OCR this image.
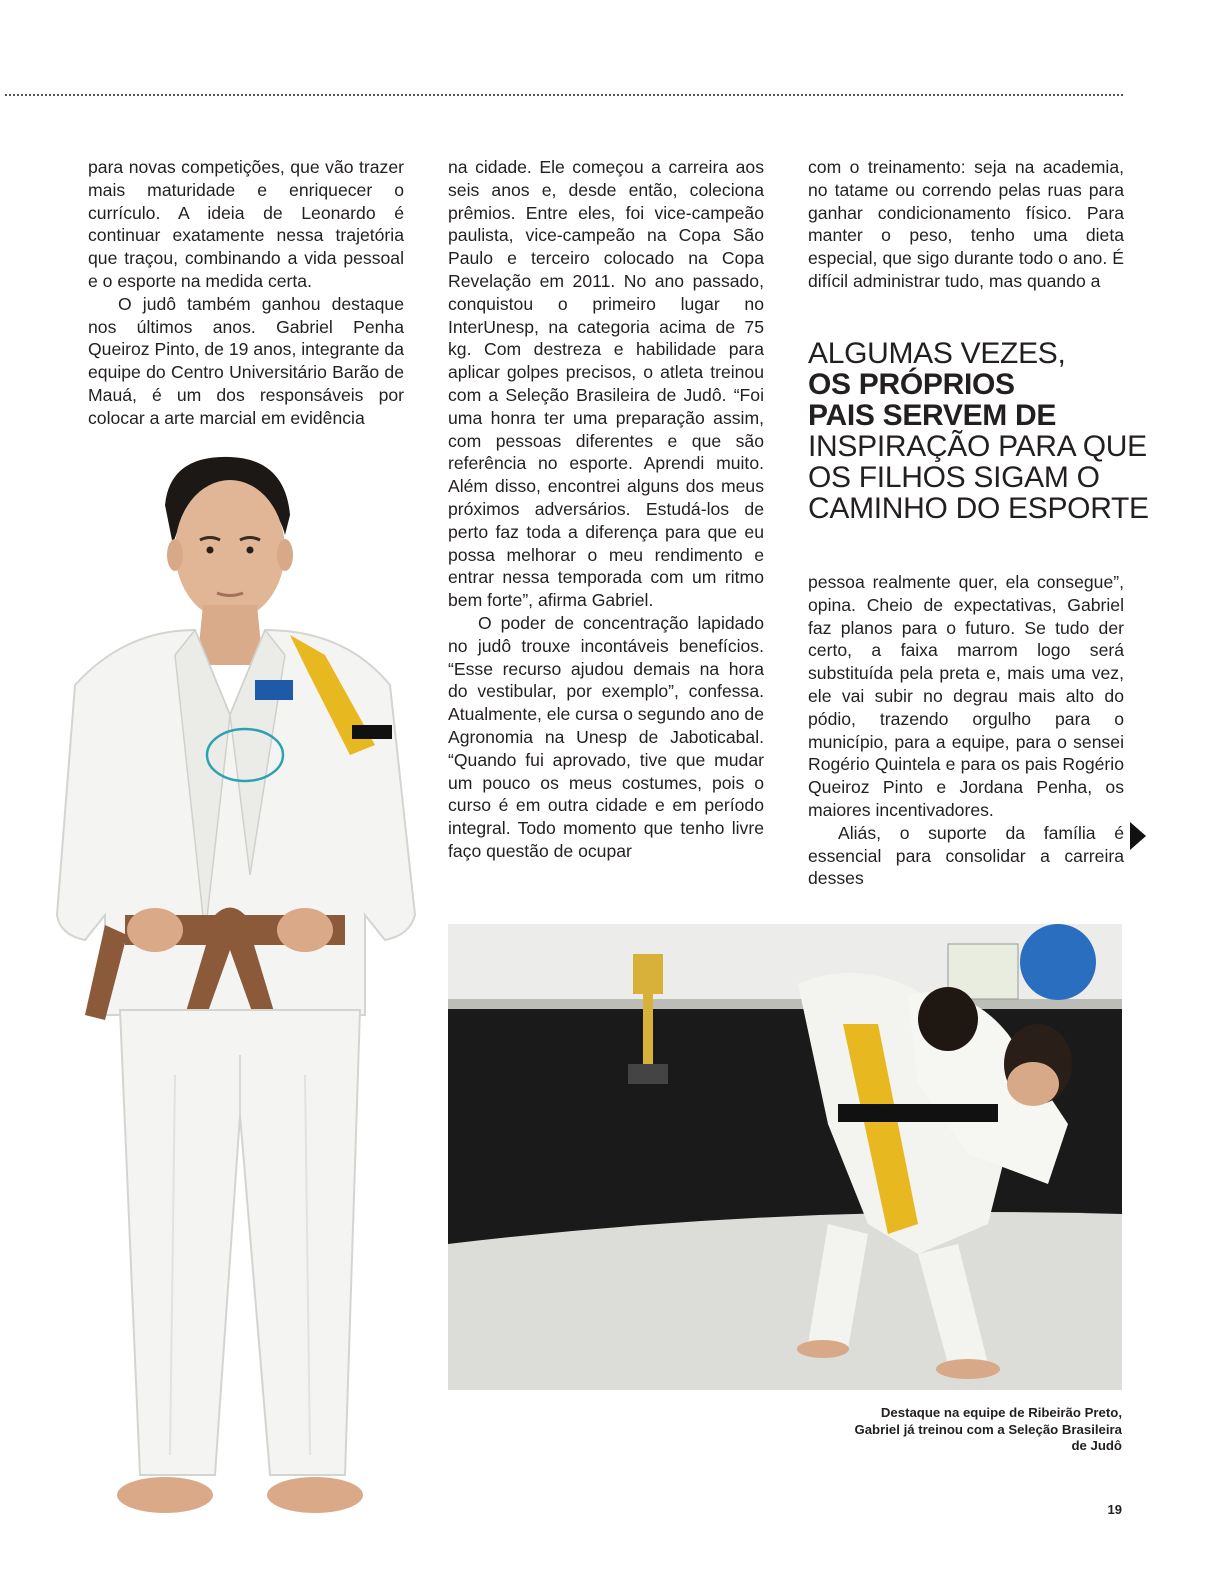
para novas competições, que vão trazer mais maturidade e enriquecer o currículo. A ideia de Leonardo é continuar exatamente nessa trajetória que traçou, combinando a vida pessoal e o esporte na medida certa.

O judô também ganhou destaque nos últimos anos. Gabriel Penha Queiroz Pinto, de 19 anos, integrante da equipe do Centro Universitário Barão de Mauá, é um dos responsáveis por colocar a arte marcial em evidência

na cidade. Ele começou a carreira aos seis anos e, desde então, coleciona prêmios. Entre eles, foi vice-campeão paulista, vice-campeão na Copa São Paulo e terceiro colocado na Copa Revelação em 2011. No ano passado, conquistou o primeiro lugar no InterUnesp, na categoria acima de 75 kg. Com destreza e habilidade para aplicar golpes precisos, o atleta treinou com a Seleção Brasileira de Judô. “Foi uma honra ter uma preparação assim, com pessoas diferentes e que são referência no esporte. Aprendi muito. Além disso, encontrei alguns dos meus próximos adversários. Estudá-los de perto faz toda a diferença para que eu possa melhorar o meu rendimento e entrar nessa temporada com um ritmo bem forte”, afirma Gabriel.

O poder de concentração lapidado no judô trouxe incontáveis benefícios. “Esse recurso ajudou demais na hora do vestibular, por exemplo”, confessa. Atualmente, ele cursa o segundo ano de Agronomia na Unesp de Jaboticabal. “Quando fui aprovado, tive que mudar um pouco os meus costumes, pois o curso é em outra cidade e em período integral. Todo momento que tenho livre faço questão de ocupar

com o treinamento: seja na academia, no tatame ou correndo pelas ruas para ganhar condicionamento físico. Para manter o peso, tenho uma dieta especial, que sigo durante todo o ano. É difícil administrar tudo, mas quando a

ALGUMAS VEZES,
OS PRÓPRIOS
PAIS SERVEM DE
INSPIRAÇÃO PARA QUE
OS FILHOS SIGAM O
CAMINHO DO ESPORTE

pessoa realmente quer, ela consegue”, opina. Cheio de expectativas, Gabriel faz planos para o futuro. Se tudo der certo, a faixa marrom logo será substituída pela preta e, mais uma vez, ele vai subir no degrau mais alto do pódio, trazendo orgulho para o município, para a equipe, para o sensei Rogério Quintela e para os pais Rogério Queiroz Pinto e Jordana Penha, os maiores incentivadores.

Aliás, o suporte da família é essencial para consolidar a carreira desses

Destaque na equipe de Ribeirão Preto, Gabriel já treinou com a Seleção Brasileira de Judô
19
